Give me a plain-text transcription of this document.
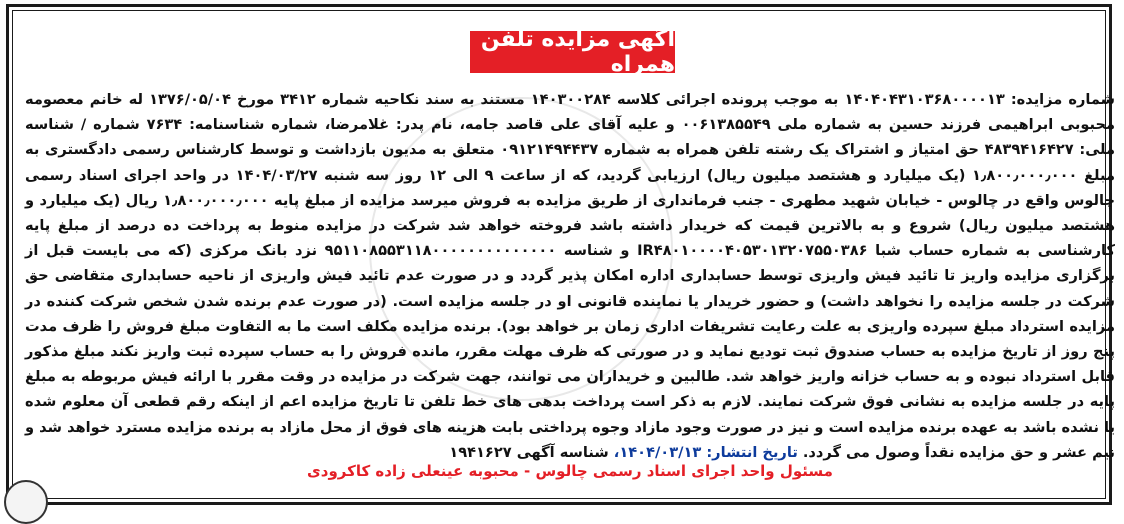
آگهی مزایده تلفن همراه
شماره مزایده: ۱۴۰۴۰۴۳۱۰۳۶۸۰۰۰۰۱۳ به موجب پرونده اجرائی کلاسه ۱۴۰۳۰۰۲۸۴ مستند به سند نکاحیه شماره ۳۴۱۲ مورخ ۱۳۷۶/۰۵/۰۴ له خانم معصومه محبوبی ابراهیمی فرزند حسین به شماره ملی ۰۰۶۱۳۸۵۵۴۹ و علیه آقای علی قاصد جامه، نام پدر: غلامرضا، شماره شناسنامه: ۷۶۳۴ شماره / شناسه ملی: ۴۸۳۹۴۱۶۴۲۷ حق امتیاز و اشتراک یک رشته تلفن همراه به شماره ۰۹۱۲۱۴۹۴۴۳۷ متعلق به مدیون بازداشت و توسط کارشناس رسمی دادگستری به مبلغ ۱٫۸۰۰٫۰۰۰٫۰۰۰ (یک میلیارد و هشتصد میلیون ریال) ارزیابی گردید، که از ساعت ۹ الی ۱۲ روز سه شنبه ۱۴۰۴/۰۳/۲۷ در واحد اجرای اسناد رسمی چالوس واقع در چالوس - خیابان شهید مطهری - جنب فرمانداری از طریق مزایده به فروش میرسد مزایده از مبلغ پایه ۱٫۸۰۰٫۰۰۰٫۰۰۰ ریال (یک میلیارد و هشتصد میلیون ریال) شروع و به بالاترین قیمت که خریدار داشته باشد فروخته خواهد شد شرکت در مزایده منوط به پرداخت ده درصد از مبلغ پایه کارشناسی به شماره حساب شبا IR۴۸۰۱۰۰۰۰۴۰۵۳۰۱۳۲۰۷۵۵۰۳۸۶ و شناسه ۹۵۱۱۰۸۵۵۳۱۱۸۰۰۰۰۰۰۰۰۰۰۰۰۰۰ نزد بانک مرکزی (که می بایست قبل از برگزاری مزایده واریز تا تائید فیش واریزی توسط حسابداری اداره امکان پذیر گردد و در صورت عدم تائید فیش واریزی از ناحیه حسابداری متقاضی حق شرکت در جلسه مزایده را نخواهد داشت) و حضور خریدار یا نماینده قانونی او در جلسه مزایده است. (در صورت عدم برنده شدن شخص شرکت کننده در مزایده استرداد مبلغ سپرده واریزی به علت رعایت تشریفات اداری زمان بر خواهد بود). برنده مزایده مکلف است ما به التفاوت مبلغ فروش را ظرف مدت پنج روز از تاریخ مزایده به حساب صندوق ثبت تودیع نماید و در صورتی که ظرف مهلت مقرر، مانده فروش را به حساب سپرده ثبت واریز نکند مبلغ مذکور قابل استرداد نبوده و به حساب خزانه واریز خواهد شد. طالبین و خریداران می توانند، جهت شرکت در مزایده در وقت مقرر با ارائه فیش مربوطه به مبلغ پایه در جلسه مزایده به نشانی فوق شرکت نمایند. لازم به ذکر است پرداخت بدهی های خط تلفن تا تاریخ مزایده اعم از اینکه رقم قطعی آن معلوم شده یا نشده باشد به عهده برنده مزایده است و نیز در صورت وجود مازاد وجوه پرداختی بابت هزینه های فوق از محل مازاد به برنده مزایده مسترد خواهد شد و نیم عشر و حق مزایده نقداً وصول می گردد. تاریخ انتشار: ۱۴۰۴/۰۳/۱۳، شناسه آگهی ۱۹۴۱۶۲۷
مسئول واحد اجرای اسناد رسمی چالوس - محبوبه عینعلی زاده کاکرودی
